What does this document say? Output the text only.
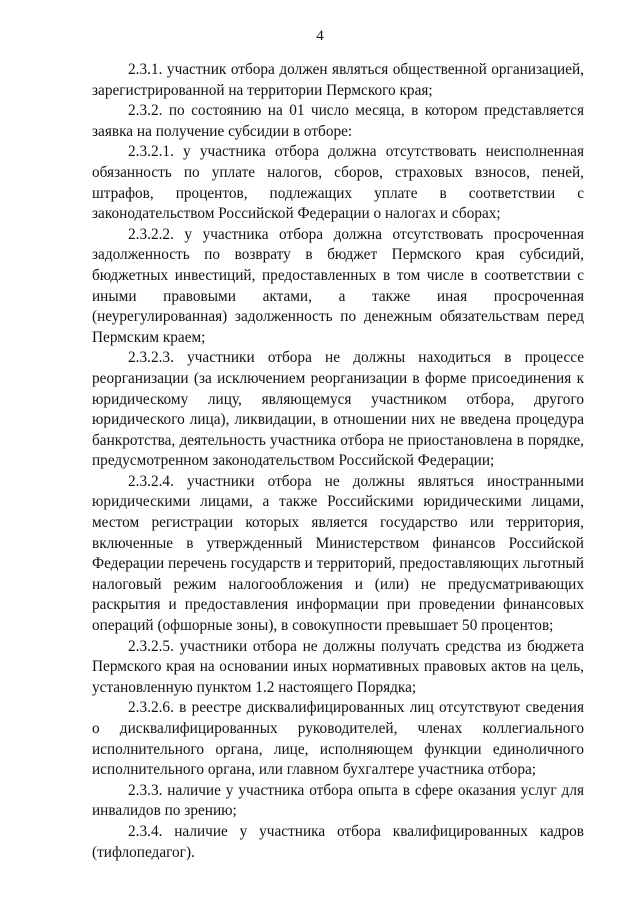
4

2.3.1. участник отбора должен являться общественной организацией, зарегистрированной на территории Пермского края;

2.3.2. по состоянию на 01 число месяца, в котором представляется заявка на получение субсидии в отборе:

2.3.2.1. у участника отбора должна отсутствовать неисполненная обязанность по уплате налогов, сборов, страховых взносов, пеней, штрафов, процентов, подлежащих уплате в соответствии с законодательством Российской Федерации о налогах и сборах;

2.3.2.2. у участника отбора должна отсутствовать просроченная задолженность по возврату в бюджет Пермского края субсидий, бюджетных инвестиций, предоставленных в том числе в соответствии с иными правовыми актами, а также иная просроченная (неурегулированная) задолженность по денежным обязательствам перед Пермским краем;

2.3.2.3. участники отбора не должны находиться в процессе реорганизации (за исключением реорганизации в форме присоединения к юридическому лицу, являющемуся участником отбора, другого юридического лица), ликвидации, в отношении них не введена процедура банкротства, деятельность участника отбора не приостановлена в порядке, предусмотренном законодательством Российской Федерации;

2.3.2.4. участники отбора не должны являться иностранными юридическими лицами, а также Российскими юридическими лицами, местом регистрации которых является государство или территория, включенные в утвержденный Министерством финансов Российской Федерации перечень государств и территорий, предоставляющих льготный налоговый режим налогообложения и (или) не предусматривающих раскрытия и предоставления информации при проведении финансовых операций (офшорные зоны), в совокупности превышает 50 процентов;

2.3.2.5. участники отбора не должны получать средства из бюджета Пермского края на основании иных нормативных правовых актов на цель, установленную пунктом 1.2 настоящего Порядка;

2.3.2.6. в реестре дисквалифицированных лиц отсутствуют сведения о дисквалифицированных руководителей, членах коллегиального исполнительного органа, лице, исполняющем функции единоличного исполнительного органа, или главном бухгалтере участника отбора;

2.3.3. наличие у участника отбора опыта в сфере оказания услуг для инвалидов по зрению;

2.3.4. наличие у участника отбора квалифицированных кадров (тифлопедагог).
